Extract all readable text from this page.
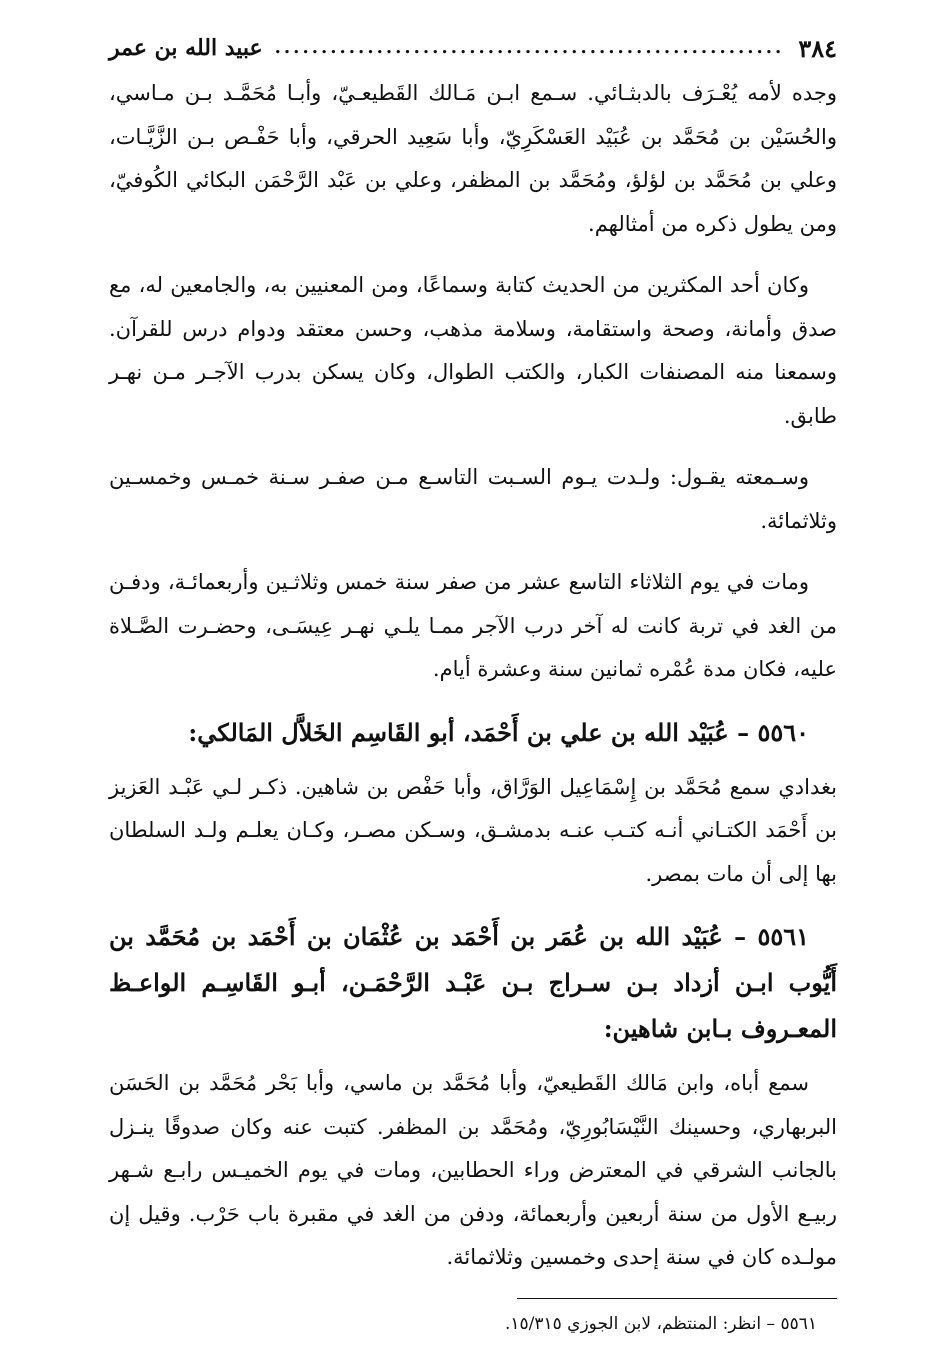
٣٨٤
.....
عبيد الله بن عمر

وجده لأمه يُعْـرَف بالدبثـائي. سـمع ابـن مَـالك القَطيعـيّ، وأبـا مُحَمَّـد بـن مـاسي، والحُسَيْن بن مُحَمَّد بن عُبَيْد العَسْكَرِيّ، وأبا سَعِيد الحرقي، وأبا حَفْـص بـن الزَّيَّـات، وعلي بن مُحَمَّد بن لؤلؤ، ومُحَمَّد بن المظفر، وعلي بن عَبْد الرَّحْمَن البكائي الكُوفيّ، ومن يطول ذكره من أمثالهم.

وكان أحد المكثرين من الحديث كتابة وسماعًا، ومن المعنيين به، والجامعين له، مع صدق وأمانة، وصحة واستقامة، وسلامة مذهب، وحسن معتقد ودوام درس للقرآن. وسمعنا منه المصنفات الكبار، والكتب الطوال، وكان يسكن بدرب الآجـر مـن نهـر طابق.

وسـمعته يقـول: ولـدت يـوم السـبت التاسـع مـن صفـر سـنة خمـس وخمسـين وثلاثمائة.

ومات في يوم الثلاثاء التاسع عشر من صفر سنة خمس وثلاثـين وأربعمائـة، ودفـن من الغد في تربة كانت له آخر درب الآجر ممـا يلـي نهـر عِيسَـى، وحضـرت الصَّـلاة عليه، فكان مدة عُمْره ثمانين سنة وعشرة أيام.

٥٥٦٠ – عُبَيْد الله بن علي بن أَحْمَد، أبو القَاسِم الخَلاَّل المَالكي:

بغدادي سمع مُحَمَّد بن إِسْمَاعِيل الوَرَّاق، وأبا حَفْص بن شاهين. ذكـر لـي عَبْـد العَزيز بن أَحْمَد الكتـاني أنـه كتـب عنـه بدمشـق، وسـكن مصـر، وكـان يعلـم ولـد السلطان بها إلى أن مات بمصر.

٥٥٦١ – عُبَيْد الله بن عُمَر بن أَحْمَد بن عُثْمَان بن أَحْمَد بن مُحَمَّد بن أَيُّوب ابـن أزداد بـن سـراج بـن عَبْـد الرَّحْمَـن، أبـو القَاسِـم الواعـظ المعـروف بـابن شاهين:

سمع أباه، وابن مَالك القَطيعيّ، وأبا مُحَمَّد بن ماسي، وأبا بَحْر مُحَمَّد بن الحَسَن البربهاري، وحسينك النَّيْسَابُورِيّ، ومُحَمَّد بن المظفر. كتبت عنه وكان صدوقًا ينـزل بالجانب الشرقي في المعترض وراء الحطابين، ومات في يوم الخميـس رابـع شـهر ربيـع الأول من سنة أربعين وأربعمائة، ودفن من الغد في مقبرة باب حَرْب. وقيل إن مولـده كان في سنة إحدى وخمسين وثلاثمائة.

٥٥٦١ – انظر: المنتظم، لابن الجوزي ١٥/٣١٥.
